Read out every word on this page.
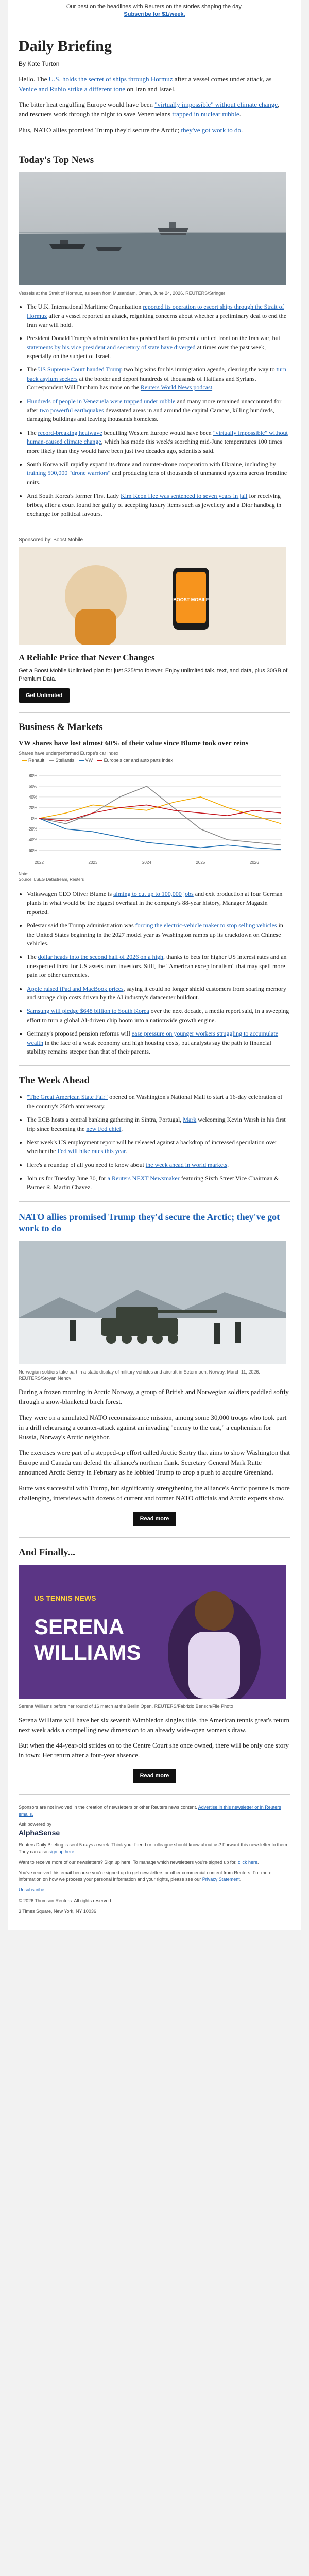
Our best on the headlines with Reuters on the stories shaping the day.
Subscribe for $1/week.
Daily Briefing
By Kate Turton

Hello. The U.S. holds the secret of ships through Hormuz after a vessel comes under attack, as Venice and Rubio strike a different tone on Iran and Israel.

The bitter heat engulfing Europe would have been "virtually impossible" without climate change, and rescuers work through the night to save Venezuelans trapped in nuclear rubble.

Plus, NATO allies promised Trump they'd secure the Arctic; they've got work to do.

Today's Top News
Vessels at the Strait of Hormuz, as seen from Musandam, Oman, June 24, 2026. REUTERS/Stringer
• The U.K. International Maritime Organization reported its operation to escort ships through the Strait of Hormuz after a vessel reported an attack, reigniting concerns about whether a preliminary deal to end the Iran war will hold.
• President Donald Trump's administration has pushed hard to present a united front on the Iran war, but statements by his vice president and secretary of state have diverged at times over the past week, especially on the subject of Israel.
• The US Supreme Court handed Trump two big wins for his immigration agenda, clearing the way to turn back asylum seekers at the border and deport hundreds of thousands of Haitians and Syrians. Correspondent Will Dunham has more on the Reuters World News podcast.
• Hundreds of people in Venezuela were trapped under rubble and many more remained unaccounted for after two powerful earthquakes devastated areas in and around the capital Caracas, killing hundreds, damaging buildings and leaving thousands homeless.
• The record-breaking heatwave bequiling Western Europe would have been "virtually impossible" without human-caused climate change, which has made this week's scorching mid-June temperatures 100 times more likely than they would have been just two decades ago, scientists said.
• South Korea will rapidly expand its drone and counter-drone cooperation with Ukraine, including by training 500,000 "drone warriors" and producing tens of thousands of unmanned systems across frontline units.
• And South Korea's former First Lady Kim Keon Hee was sentenced to seven years in jail for receiving bribes, after a court found her guilty of accepting luxury items such as jewellery and a Dior handbag in exchange for political favours.
Sponsored by: Boost Mobile
BOOST MOBILE
A Reliable Price that Never Changes
Get a Boost Mobile Unlimited plan for just $25/mo forever. Enjoy unlimited talk, text, and data, plus 30GB of Premium Data.
Get Unlimited
Business & Markets
VW shares have lost almost 60% of their value since Blume took over reins
Shares have underperformed Europe's car index
Renault Stellantis VW Europe's car and auto parts index
-60%
-40%
-20%
0%
20%
40%
60%
80%
2022	2023	2024	2025	2026
Note:
Source: LSEG Datastream, Reuters
• Volkswagen CEO Oliver Blume is aiming to cut up to 100,000 jobs and exit production at four German plants in what would be the biggest overhaul in the company's 88-year history, Manager Magazin reported.
• Polestar said the Trump administration was forcing the electric-vehicle maker to stop selling vehicles in the United States beginning in the 2027 model year as Washington ramps up its crackdown on Chinese vehicles.
• The dollar heads into the second half of 2026 on a high, thanks to bets for higher US interest rates and an unexpected thirst for US assets from investors. Still, the "American exceptionalism" that may spell more pain for other currencies.
• Apple raised iPad and MacBook prices, saying it could no longer shield customers from soaring memory and storage chip costs driven by the AI industry's datacenter buildout.
• Samsung will pledge $648 billion to South Korea over the next decade, a media report said, in a sweeping effort to turn a global AI-driven chip boom into a nationwide growth engine.
• Germany's proposed pension reforms will ease pressure on younger workers struggling to accumulate wealth in the face of a weak economy and high housing costs, but analysts say the path to financial stability remains steeper than that of their parents.
The Week Ahead
• "The Great American State Fair" opened on Washington's National Mall to start a 16-day celebration of the country's 250th anniversary.
• The ECB hosts a central banking gathering in Sintra, Portugal, Mark welcoming Kevin Warsh in his first trip since becoming the new Fed chief.
• Next week's US employment report will be released against a backdrop of increased speculation over whether the Fed will hike rates this year.
• Here's a roundup of all you need to know about the week ahead in world markets.
• Join us for Tuesday June 30, for a Reuters NEXT Newsmaker featuring Sixth Street Vice Chairman & Partner R. Martin Chavez.
NATO allies promised Trump they'd secure the Arctic; they've got work to do
Norwegian soldiers take part in a static display of military vehicles and aircraft in Setermoen, Norway, March 11, 2026. REUTERS/Stoyan Nenov

During a frozen morning in Arctic Norway, a group of British and Norwegian soldiers paddled softly through a snow-blanketed birch forest.

They were on a simulated NATO reconnaissance mission, among some 30,000 troops who took part in a drill rehearsing a counter-attack against an invading "enemy to the east," a euphemism for Russia, Norway's Arctic neighbor.

The exercises were part of a stepped-up effort called Arctic Sentry that aims to show Washington that Europe and Canada can defend the alliance's northern flank. Secretary General Mark Rutte announced Arctic Sentry in February as he lobbied Trump to drop a push to acquire Greenland.

Rutte was successful with Trump, but significantly strengthening the alliance's Arctic posture is more challenging, interviews with dozens of current and former NATO officials and Arctic experts show.

Read more
And Finally...
US TENNIS NEWS
SERENA
WILLIAMS
Serena Williams before her round of 16 match at the Berlin Open. REUTERS/Fabrizio Bensch/File Photo

Serena Williams will have her six seventh Wimbledon singles title, the American tennis great's return next week adds a compelling new dimension to an already wide-open women's draw.

But when the 44-year-old strides on to the Centre Court she once owned, there will be only one story in town: Her return after a four-year absence.

Read more

Sponsors are not involved in the creation of newsletters or other Reuters news content. Advertise in this newsletter or in Reuters emails.

Ask powered by
AlphaSense

Reuters Daily Briefing is sent 5 days a week. Think your friend or colleague should know about us? Forward this newsletter to them. They can also sign up here.

Want to receive more of our newsletters? Sign up here. To manage which newsletters you're signed up for, click here.

You've received this email because you're signed up to get newsletters or other commercial content from Reuters. For more information on how we process your personal information and your rights, please see our Privacy Statement.

Unsubscribe

© 2026 Thomson Reuters. All rights reserved.

3 Times Square, New York, NY 10036
